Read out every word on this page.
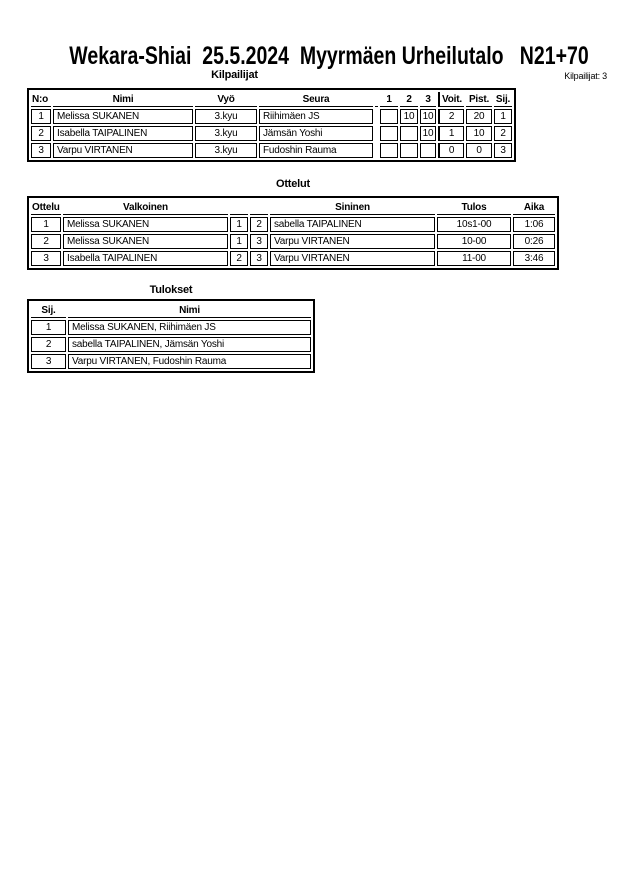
Wekara-Shiai  25.5.2024  Myyrmäen Urheilutalo   N21+70
Kilpailijat	Kilpailijat: 3
N:o	Nimi	Vyö	Seura		1	2	3	Voit.	Pist.	Sij.
1	Melissa SUKANEN	3.kyu	Riihimäen JS			10	10	2	20	1
2	Isabella TAIPALINEN	3.kyu	Jämsän Yoshi				10	1	10	2
3	Varpu VIRTANEN	3.kyu	Fudoshin Rauma					0	0	3
Ottelut
Ottelu	Valkoinen			Sininen	Tulos	Aika
1	Melissa SUKANEN	1	2	sabella TAIPALINEN	10s1-00	1:06
2	Melissa SUKANEN	1	3	Varpu VIRTANEN	10-00	0:26
3	Isabella TAIPALINEN	2	3	Varpu VIRTANEN	11-00	3:46
Tulokset
Sij.	Nimi
1	Melissa SUKANEN, Riihimäen JS
2	sabella TAIPALINEN, Jämsän Yoshi
3	Varpu VIRTANEN, Fudoshin Rauma
